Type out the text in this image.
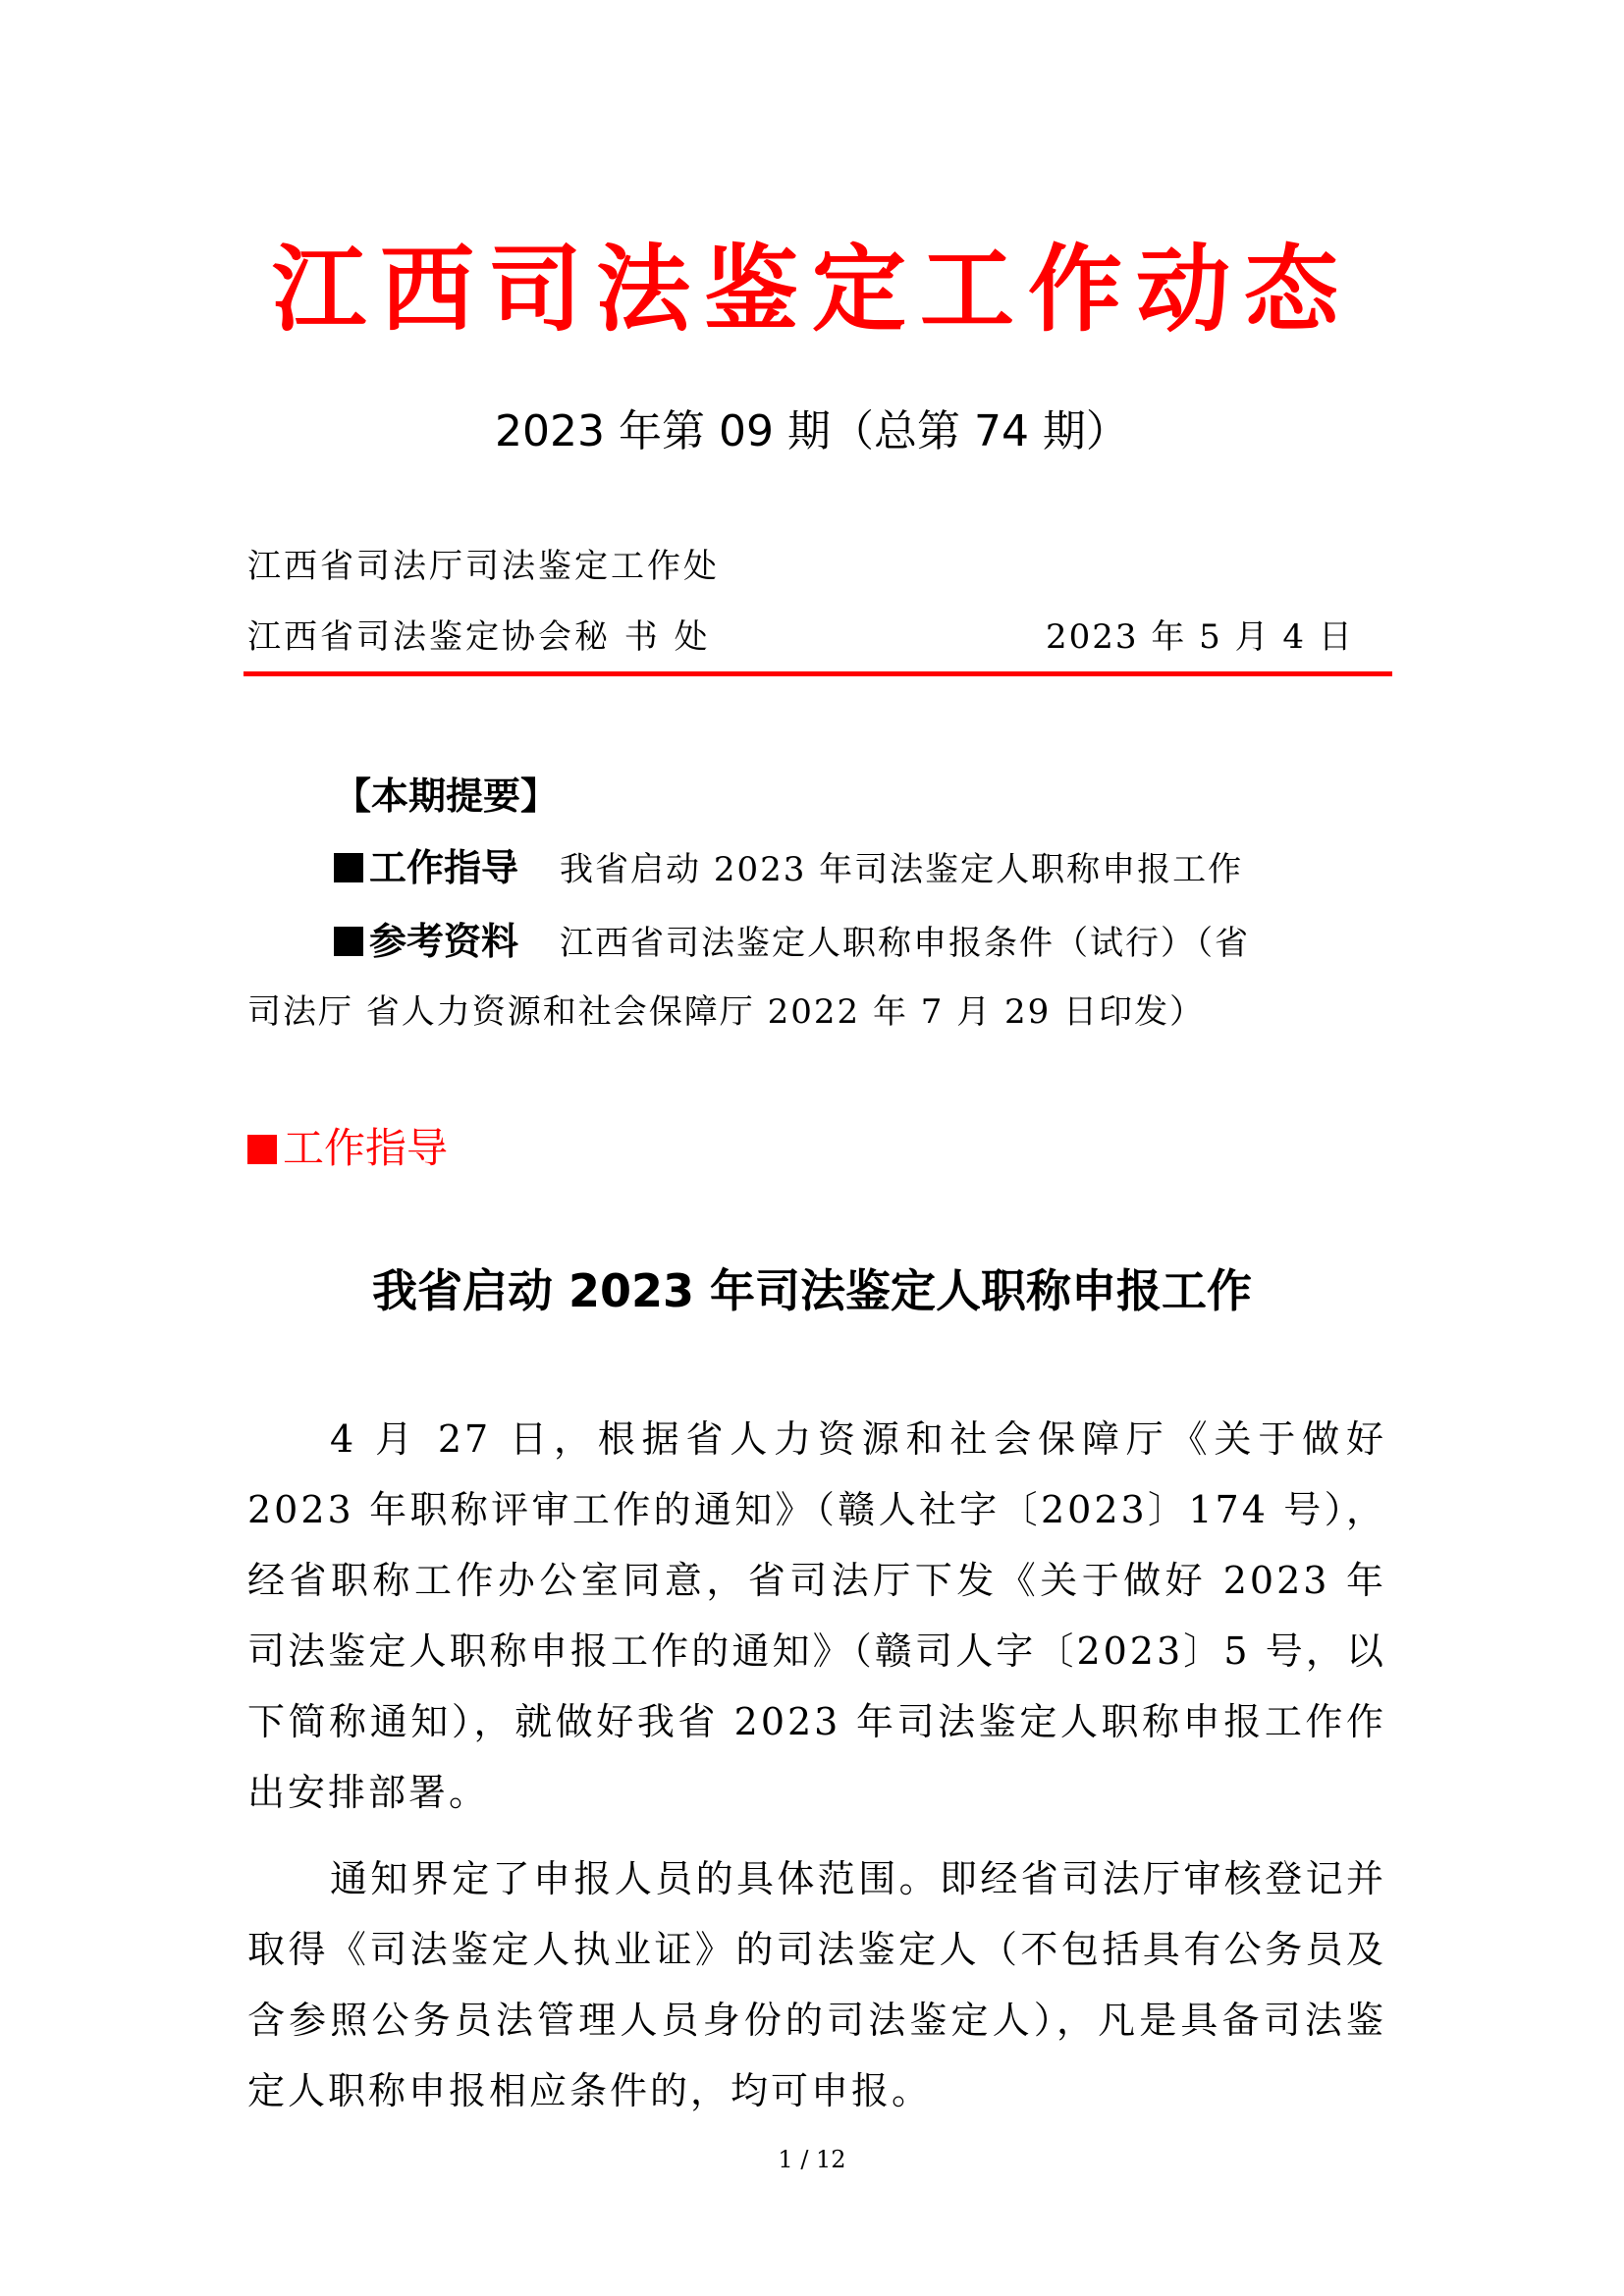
江西司法鉴定工作动态
2023 年第 09 期（总第 74 期）
江西省司法厅司法鉴定工作处
江西省司法鉴定协会秘 书 处	2023 年 5 月 4 日
【本期提要】
工作指导 我省启动 2023 年司法鉴定人职称申报工作
参考资料 江西省司法鉴定人职称申报条件（试行）（省
司法厅 省人力资源和社会保障厅 2022 年 7 月 29 日印发）
工作指导
我省启动 2023 年司法鉴定人职称申报工作
4 月 27 日，根据省人力资源和社会保障厅《关于做好 2023 年职称评审工作的通知》（赣人社字〔2023〕174 号），经省职称工作办公室同意，省司法厅下发《关于做好 2023 年司法鉴定人职称申报工作的通知》（赣司人字〔2023〕5 号，以下简称通知），就做好我省 2023 年司法鉴定人职称申报工作作出安排部署。
通知界定了申报人员的具体范围。即经省司法厅审核登记并取得《司法鉴定人执业证》的司法鉴定人（不包括具有公务员及含参照公务员法管理人员身份的司法鉴定人），凡是具备司法鉴定人职称申报相应条件的，均可申报。
1 / 12
